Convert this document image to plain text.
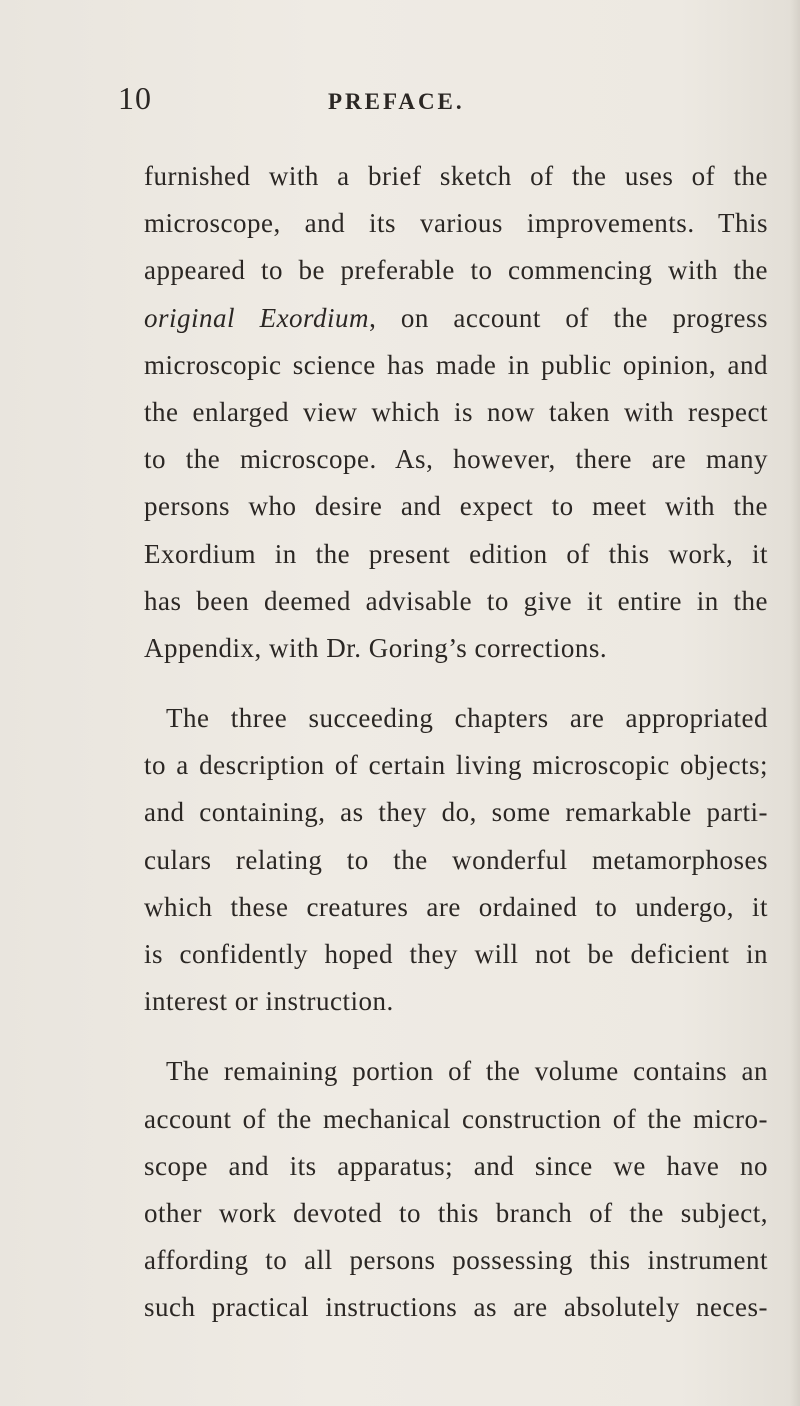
10	PREFACE.
furnished with a brief sketch of the uses of the
microscope, and its various improvements. This
appeared to be preferable to commencing with the
original Exordium, on account of the progress
microscopic science has made in public opinion, and
the enlarged view which is now taken with respect
to the microscope. As, however, there are many
persons who desire and expect to meet with the
Exordium in the present edition of this work, it
has been deemed advisable to give it entire in the
Appendix, with Dr. Goring’s corrections.
The three succeeding chapters are appropriated
to a description of certain living microscopic objects;
and containing, as they do, some remarkable parti-
culars relating to the wonderful metamorphoses
which these creatures are ordained to undergo, it
is confidently hoped they will not be deficient in
interest or instruction.
The remaining portion of the volume contains an
account of the mechanical construction of the micro-
scope and its apparatus; and since we have no
other work devoted to this branch of the subject,
affording to all persons possessing this instrument
such practical instructions as are absolutely neces-
